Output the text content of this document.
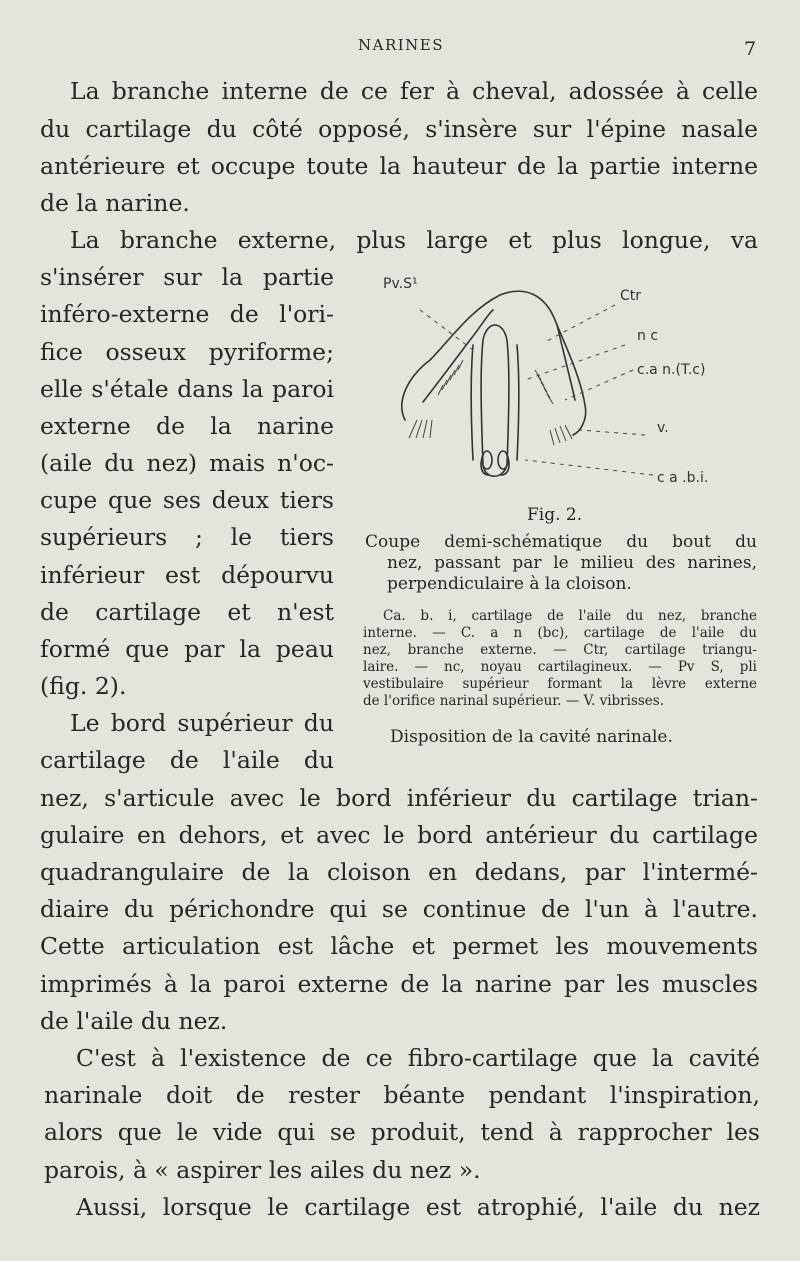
NARINES	7
La branche interne de ce fer à cheval, adossée à celle
du cartilage du côté opposé, s'insère sur l'épine nasale
antérieure et occupe toute la hauteur de la partie interne
de la narine.
La branche externe, plus large et plus longue, va
s'insérer sur la partie
inféro-externe de l'ori-
fice osseux pyriforme;
elle s'étale dans la paroi
externe de la narine
(aile du nez) mais n'oc-
cupe que ses deux tiers
supérieurs ; le tiers
inférieur est dépourvu
de cartilage et n'est
formé que par la peau
(fig. 2).
Le bord supérieur du
cartilage de l'aile du
nez, s'articule avec le bord inférieur du cartilage trian-
gulaire en dehors, et avec le bord antérieur du cartilage
quadrangulaire de la cloison en dedans, par l'intermé-
diaire du périchondre qui se continue de l'un à l'autre.
Cette articulation est lâche et permet les mouvements
imprimés à la paroi externe de la narine par les muscles
de l'aile du nez.
C'est à l'existence de ce fibro-cartilage que la cavité
narinale doit de rester béante pendant l'inspiration,
alors que le vide qui se produit, tend à rapprocher les
parois, à « aspirer les ailes du nez ».
Aussi, lorsque le cartilage est atrophié, l'aile du nez
Pv.S¹
Ctr
n c
c.a n.(T.c)
v.
c a .b.i.
Fig. 2.
Coupe demi-schématique du bout du
nez, passant par le milieu des narines,
perpendiculaire à la cloison.
Ca. b. i, cartilage de l'aile du nez, branche
interne. — C. a n (bc), cartilage de l'aile du
nez, branche externe. — Ctr, cartilage triangu-
laire. — nc, noyau cartilagineux. — Pv S, pli
vestibulaire supérieur formant la lèvre externe
de l'orifice narinal supérieur. — V. vibrisses.
Disposition de la cavité narinale.
